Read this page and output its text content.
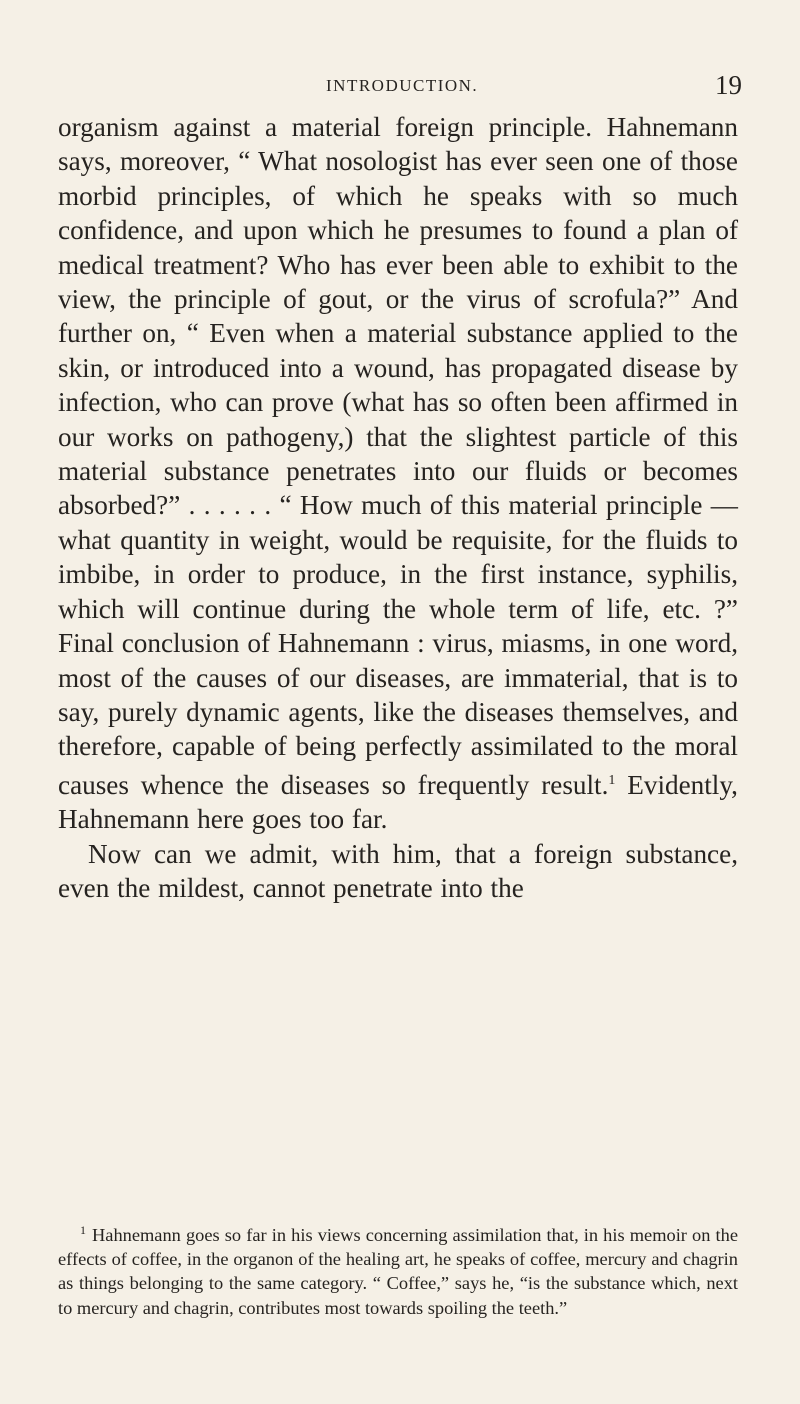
INTRODUCTION.	19

organism against a material foreign principle. Hahnemann says, moreover, “ What nosologist has ever seen one of those morbid principles, of which he speaks with so much confidence, and upon which he presumes to found a plan of medical treatment? Who has ever been able to exhibit to the view, the principle of gout, or the virus of scrofula?” And further on, “ Even when a material substance applied to the skin, or introduced into a wound, has propagated disease by infection, who can prove (what has so often been affirmed in our works on pathogeny,) that the slightest particle of this material substance penetrates into our fluids or becomes absorbed?” . . . . . . “ How much of this material principle — what quantity in weight, would be requisite, for the fluids to imbibe, in order to produce, in the first instance, syphilis, which will continue during the whole term of life, etc. ?” Final conclusion of Hahnemann : virus, miasms, in one word, most of the causes of our diseases, are immaterial, that is to say, purely dynamic agents, like the diseases themselves, and therefore, capable of being perfectly assimilated to the moral causes whence the diseases so frequently result.$^1$ Evidently, Hahnemann here goes too far.

Now can we admit, with him, that a foreign substance, even the mildest, cannot penetrate into the

$^1$ Hahnemann goes so far in his views concerning assimilation that, in his memoir on the effects of coffee, in the organon of the healing art, he speaks of coffee, mercury and chagrin as things belonging to the same category. “ Coffee,” says he, “is the substance which, next to mercury and chagrin, contributes most towards spoiling the teeth.”
